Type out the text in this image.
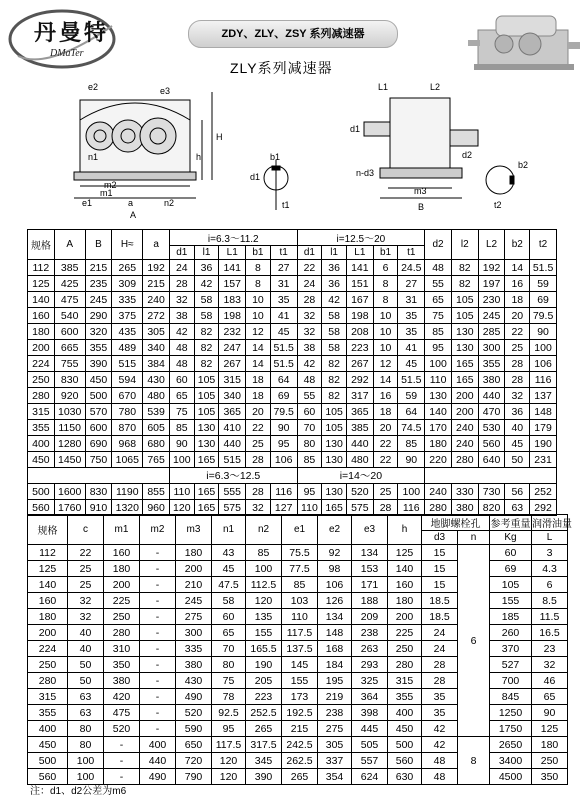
丹曼特
DMaTer
ZDY、ZLY、ZSY 系列减速器
ZLY系列减速器
e2	e3
H
h
n1
m2
m1
e1	a	n2
A
d1
b1
t1
L1	L2
d1
d2
n-d3
m3
B
b2
t2
规格	A	B	H≈	a	i=6.3～11.2					i=12.5～20					d2	l2	L2	b2	t2
					d1	l1	L1	b1	t1	d1	l1	L1	b1	t1					
112	385	215	265	192	24	36	141	8	27	22	36	141	6	24.5	48	82	192	14	51.5
125	425	235	309	215	28	42	157	8	31	24	36	151	8	27	55	82	197	16	59
140	475	245	335	240	32	58	183	10	35	28	42	167	8	31	65	105	230	18	69
160	540	290	375	272	38	58	198	10	41	32	58	198	10	35	75	105	245	20	79.5
180	600	320	435	305	42	82	232	12	45	32	58	208	10	35	85	130	285	22	90
200	665	355	489	340	48	82	247	14	51.5	38	58	223	10	41	95	130	300	25	100
224	755	390	515	384	48	82	267	14	51.5	42	82	267	12	45	100	165	355	28	106
250	830	450	594	430	60	105	315	18	64	48	82	292	14	51.5	110	165	380	28	116
280	920	500	670	480	65	105	340	18	69	55	82	317	16	59	130	200	440	32	137
315	1030	570	780	539	75	105	365	20	79.5	60	105	365	18	64	140	200	470	36	148
355	1150	600	870	605	85	130	410	22	90	70	105	385	20	74.5	170	240	530	40	179
400	1280	690	968	680	90	130	440	25	95	80	130	440	22	85	180	240	560	45	190
450	1450	750	1065	765	100	165	515	28	106	85	130	480	22	90	220	280	640	50	231
					i=6.3～12.5					i=14～20									
500	1600	830	1190	855	110	165	555	28	116	95	130	520	25	100	240	330	730	56	252
560	1760	910	1320	960	120	165	575	32	127	110	165	575	28	116	280	380	820	63	292
规格	c	m1	m2	m3	n1	n2	e1	e2	e3	h	地脚螺栓孔		参考重量	润滑油量
											d3	n	Kg	L
112	22	160	-	180	43	85	75.5	92	134	125	15	6	60	3
125	25	180	-	200	45	100	77.5	98	153	140	15		69	4.3
140	25	200	-	210	47.5	112.5	85	106	171	160	15		105	6
160	32	225	-	245	58	120	103	126	188	180	18.5		155	8.5
180	32	250	-	275	60	135	110	134	209	200	18.5		185	11.5
200	40	280	-	300	65	155	117.5	148	238	225	24		260	16.5
224	40	310	-	335	70	165.5	137.5	168	263	250	24		370	23
250	50	350	-	380	80	190	145	184	293	280	28		527	32
280	50	380	-	430	75	205	155	195	325	315	28		700	46
315	63	420	-	490	78	223	173	219	364	355	35		845	65
355	63	475	-	520	92.5	252.5	192.5	238	398	400	35		1250	90
400	80	520	-	590	95	265	215	275	445	450	42		1750	125
450	80	-	400	650	117.5	317.5	242.5	305	505	500	42	8	2650	180
500	100	-	440	720	120	345	262.5	337	557	560	48		3400	250
560	100	-	490	790	120	390	265	354	624	630	48		4500	350
注：d1、d2公差为m6
